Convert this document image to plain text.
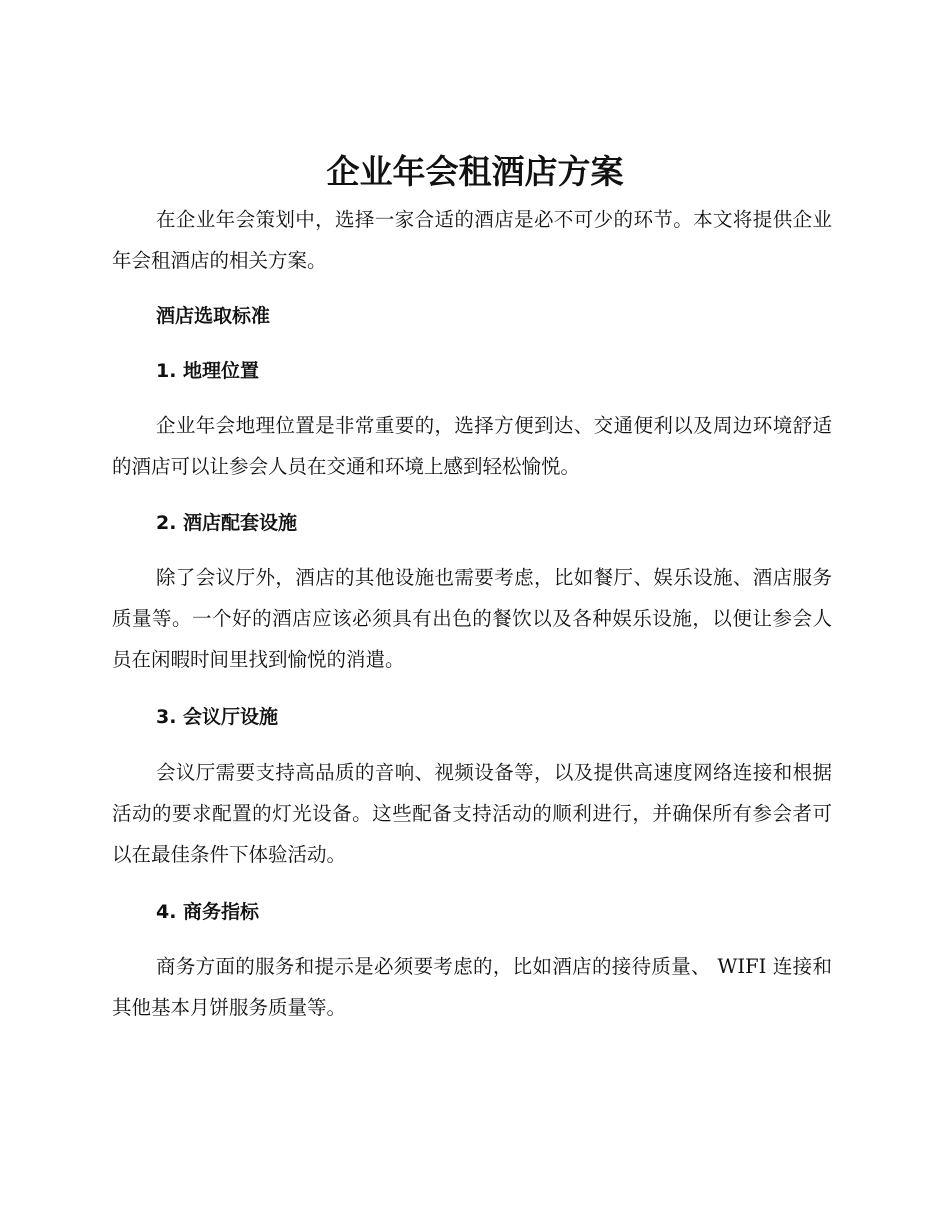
企业年会租酒店方案

在企业年会策划中，选择一家合适的酒店是必不可少的环节。本文将提供企业年会租酒店的相关方案。

酒店选取标准
1. 地理位置

企业年会地理位置是非常重要的，选择方便到达、交通便利以及周边环境舒适的酒店可以让参会人员在交通和环境上感到轻松愉悦。

2. 酒店配套设施

除了会议厅外，酒店的其他设施也需要考虑，比如餐厅、娱乐设施、酒店服务质量等。一个好的酒店应该必须具有出色的餐饮以及各种娱乐设施，以便让参会人员在闲暇时间里找到愉悦的消遣。

3. 会议厅设施

会议厅需要支持高品质的音响、视频设备等，以及提供高速度网络连接和根据活动的要求配置的灯光设备。这些配备支持活动的顺利进行，并确保所有参会者可以在最佳条件下体验活动。

4. 商务指标

商务方面的服务和提示是必须要考虑的，比如酒店的接待质量、 WIFI 连接和其他基本月饼服务质量等。
